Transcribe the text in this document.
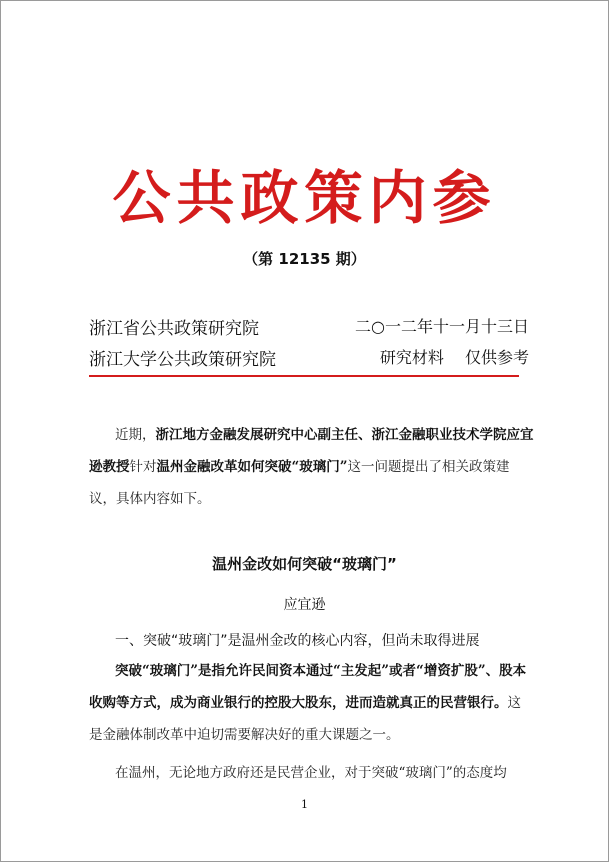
公共政策内参
（第 12135 期）
浙江省公共政策研究院	二○一二年十一月十三日
浙江大学公共政策研究院	研究材料　 仅供参考
近期，浙江地方金融发展研究中心副主任、浙江金融职业技术学院应宜逊教授针对温州金融改革如何突破“玻璃门”这一问题提出了相关政策建议，具体内容如下。
温州金改如何突破“玻璃门”
应宜逊
一、突破“玻璃门”是温州金改的核心内容，但尚未取得进展
突破“玻璃门”是指允许民间资本通过“主发起”或者“增资扩股”、股本收购等方式，成为商业银行的控股大股东，进而造就真正的民营银行。这是金融体制改革中迫切需要解决好的重大课题之一。
在温州，无论地方政府还是民营企业，对于突破“玻璃门”的态度均
1
